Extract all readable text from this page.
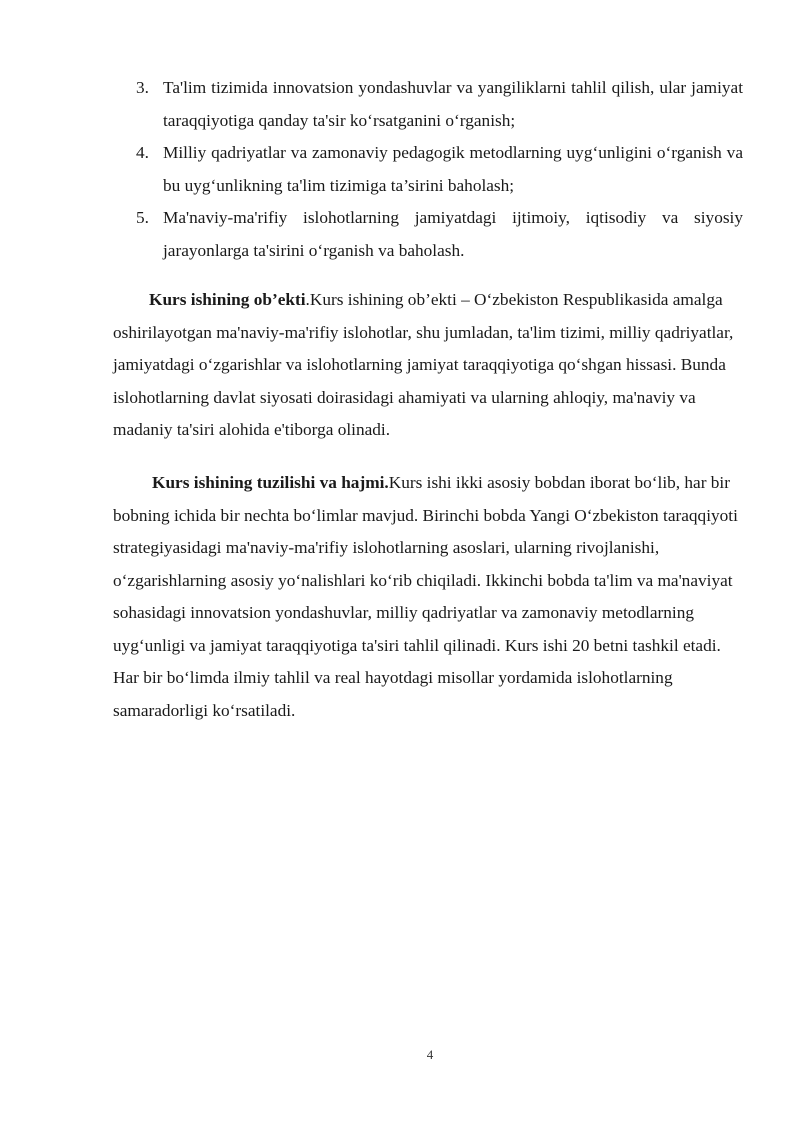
3. Ta'lim tizimida innovatsion yondashuvlar va yangiliklarni tahlil qilish, ular jamiyat taraqqiyotiga qanday ta'sir ko‘rsatganini o‘rganish;
4. Milliy qadriyatlar va zamonaviy pedagogik metodlarning uyg‘unligini o‘rganish va bu uyg‘unlikning ta'lim tizimiga ta’sirini baholash;
5. Ma'naviy-ma'rifiy islohotlarning jamiyatdagi ijtimoiy, iqtisodiy va siyosiy jarayonlarga ta'sirini o‘rganish va baholash.

Kurs ishining ob’ekti.Kurs ishining ob’ekti – O‘zbekiston Respublikasida amalga oshirilayotgan ma'naviy-ma'rifiy islohotlar, shu jumladan, ta'lim tizimi, milliy qadriyatlar, jamiyatdagi o‘zgarishlar va islohotlarning jamiyat taraqqiyotiga qo‘shgan hissasi. Bunda islohotlarning davlat siyosati doirasidagi ahamiyati va ularning ahloqiy, ma'naviy va madaniy ta'siri alohida e'tiborga olinadi.

Kurs ishining tuzilishi va hajmi.Kurs ishi ikki asosiy bobdan iborat bo‘lib, har bir bobning ichida bir nechta bo‘limlar mavjud. Birinchi bobda Yangi O‘zbekiston taraqqiyoti strategiyasidagi ma'naviy-ma'rifiy islohotlarning asoslari, ularning rivojlanishi, o‘zgarishlarning asosiy yo‘nalishlari ko‘rib chiqiladi. Ikkinchi bobda ta'lim va ma'naviyat sohasidagi innovatsion yondashuvlar, milliy qadriyatlar va zamonaviy metodlarning uyg‘unligi va jamiyat taraqqiyotiga ta'siri tahlil qilinadi. Kurs ishi 20 betni tashkil etadi. Har bir bo‘limda ilmiy tahlil va real hayotdagi misollar yordamida islohotlarning samaradorligi ko‘rsatiladi.

4
